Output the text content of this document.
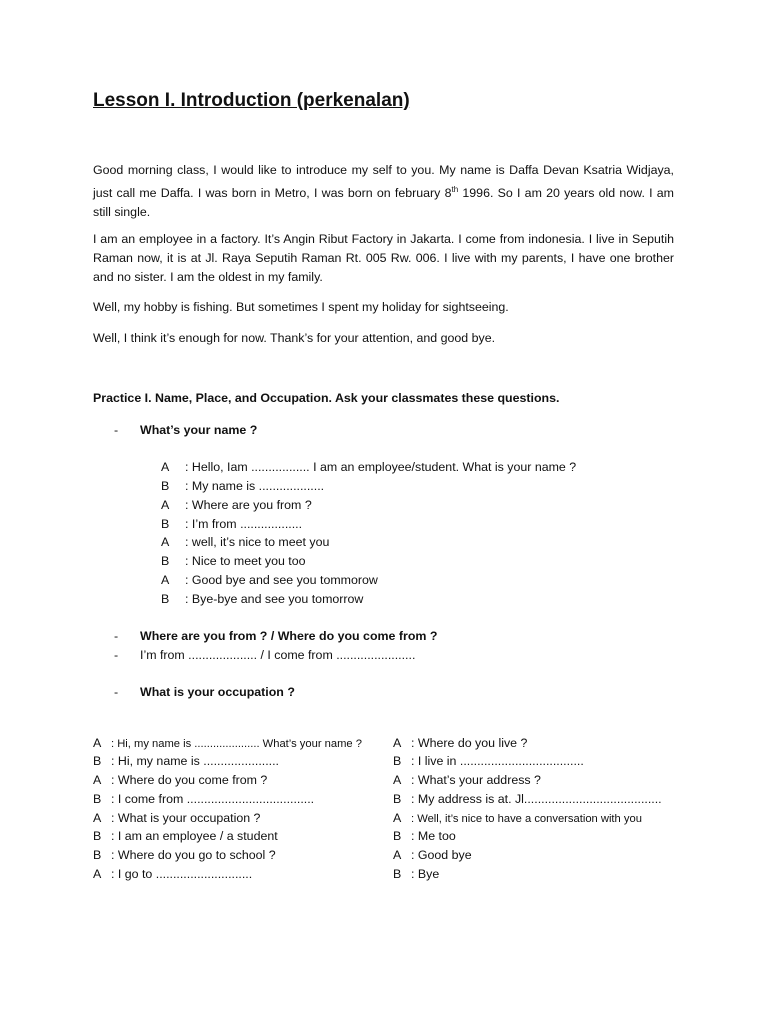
Lesson I. Introduction (perkenalan)
Good morning class, I would like to introduce my self to you. My name is Daffa Devan Ksatria Widjaya, just call me Daffa. I was born in Metro, I was born on february 8th 1996. So I am 20 years old now. I am still single.
I am an employee in a factory. It’s Angin Ribut Factory in Jakarta. I come from indonesia. I live in Seputih Raman now, it is at Jl. Raya Seputih Raman Rt. 005 Rw. 006. I live with my parents, I have one brother and no sister. I am the oldest in my family.
Well, my hobby is fishing. But sometimes I spent my holiday for sightseeing.
Well, I think it’s enough for now. Thank’s for your attention, and good bye.
Practice I. Name, Place, and Occupation. Ask your classmates these questions.
- What’s your name ?
A : Hello, Iam ................. I am an employee/student. What is your name ?
B : My name is ...................
A : Where are you from ?
B : I’m from ..................
A : well, it’s nice to meet you
B : Nice to meet you too
A : Good bye and see you tommorow
B : Bye-bye and see you tomorrow
- Where are you from ? / Where do you come from ?
- I’m from .................... / I come from .......................
- What is your occupation ?
A : Hi, my name is ..................... What’s your name ?
B : Hi, my name is ......................
A : Where do you come from ?
B : I come from .....................................
A : What is your occupation ?
B : I am an employee / a student
B : Where do you go to school ?
A : I go to ............................
A : Where do you live ?
B : I live in ....................................
A : What’s your address ?
B : My address is at. Jl........................................
A : Well, it’s nice to have a conversation with you
B : Me too
A : Good bye
B : Bye
